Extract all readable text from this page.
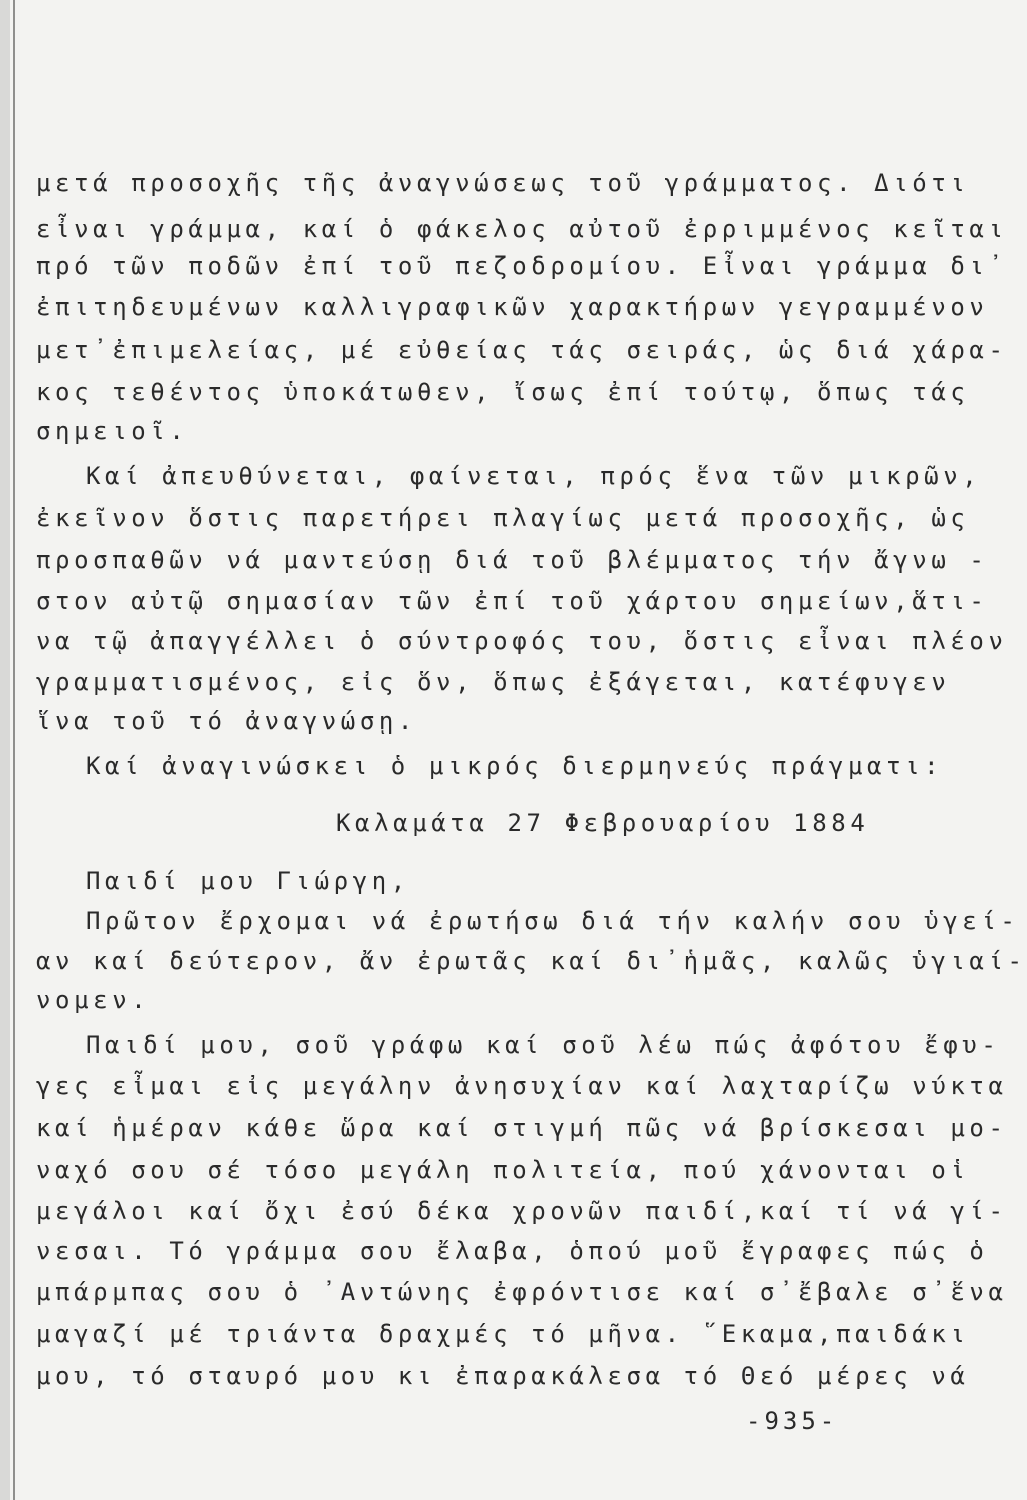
μετά προσοχῆς τῆς ἀναγνώσεως τοῦ γράμματος. Διότι
εἶναι γράμμα, καί ὁ φάκελος αὐτοῦ ἐρριμμένος κεῖται
πρό τῶν ποδῶν ἐπί τοῦ πεζοδρομίου. Εἶναι γράμμα δι᾿
ἐπιτηδευμένων καλλιγραφικῶν χαρακτήρων γεγραμμένον
μετ᾿ἐπιμελείας, μέ εὐθείας τάς σειράς, ὡς διά χάρα-
κος τεθέντος ὑποκάτωθεν, ἴσως ἐπί τούτῳ, ὅπως τάς
σημειοῖ.
Καί ἀπευθύνεται, φαίνεται, πρός ἕνα τῶν μικρῶν,
ἐκεῖνον ὅστις παρετήρει πλαγίως μετά προσοχῆς, ὡς
προσπαθῶν νά μαντεύσῃ διά τοῦ βλέμματος τήν ἄγνω -
στον αὐτῷ σημασίαν τῶν ἐπί τοῦ χάρτου σημείων,ἅτι-
να τῷ ἀπαγγέλλει ὁ σύντροφός του, ὅστις εἶναι πλέον
γραμματισμένος, εἰς ὅν, ὅπως ἐξάγεται, κατέφυγεν
ἵνα τοῦ τό ἀναγνώσῃ.
Καί ἀναγινώσκει ὁ μικρός διερμηνεύς πράγματι:
Καλαμάτα 27 Φεβρουαρίου 1884
Παιδί μου Γιώργη,
Πρῶτον ἔρχομαι νά ἐρωτήσω διά τήν καλήν σου ὑγεί-
αν καί δεύτερον, ἄν ἐρωτᾶς καί δι᾿ἡμᾶς, καλῶς ὑγιαί-
νομεν.
Παιδί μου, σοῦ γράφω καί σοῦ λέω πώς ἀφότου ἔφυ-
γες εἶμαι εἰς μεγάλην ἀνησυχίαν καί λαχταρίζω νύκτα
καί ἡμέραν κάθε ὥρα καί στιγμή πῶς νά βρίσκεσαι μο-
ναχό σου σέ τόσο μεγάλη πολιτεία, πού χάνονται οἱ
μεγάλοι καί ὄχι ἐσύ δέκα χρονῶν παιδί,καί τί νά γί-
νεσαι. Τό γράμμα σου ἔλαβα, ὁπού μοῦ ἔγραφες πώς ὁ
μπάρμπας σου ὁ ᾿Αντώνης ἐφρόντισε καί σ᾿ἔβαλε σ᾿ἕνα
μαγαζί μέ τριάντα δραχμές τό μῆνα. ῞Εκαμα,παιδάκι
μου, τό σταυρό μου κι ἐπαρακάλεσα τό Θεό μέρες νά
-935-
